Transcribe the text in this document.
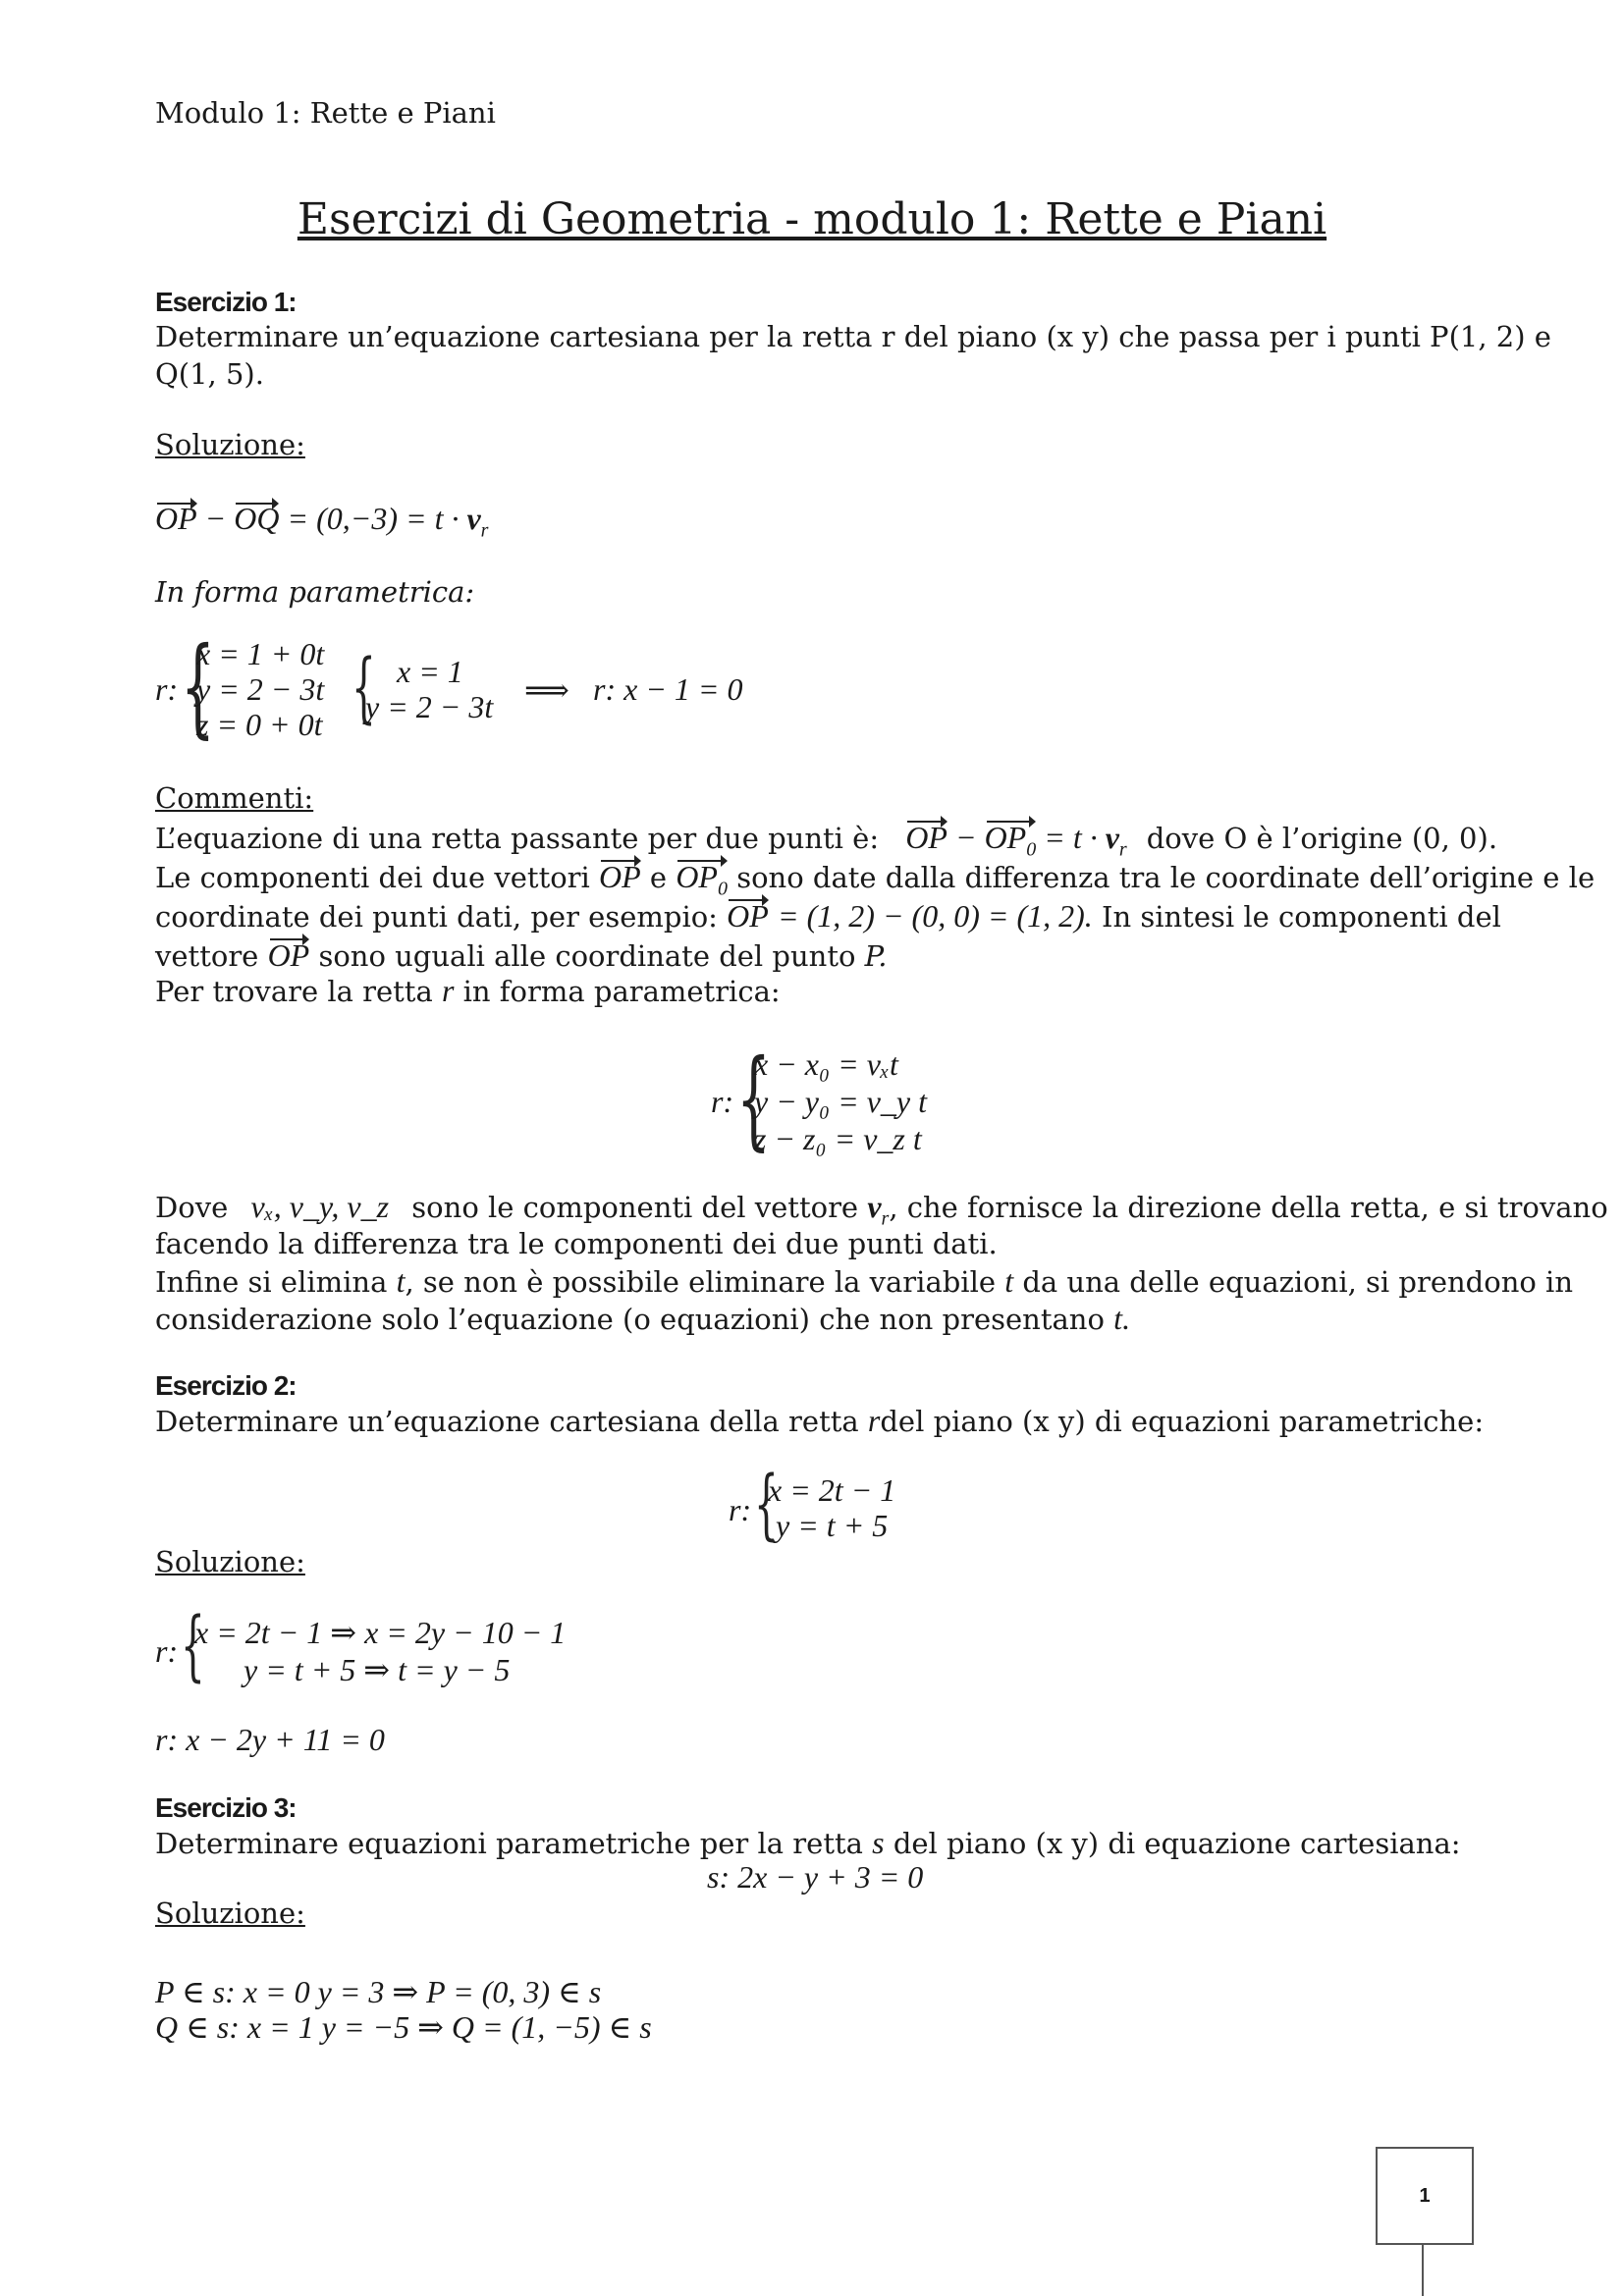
Modulo 1: Rette e Piani
Esercizi di Geometria - modulo 1: Rette e Piani
Esercizio 1:
Determinare un’equazione cartesiana per la retta r del piano (x y) che passa per i punti P(1, 2) e
Q(1, 5).
Soluzione:
OP − OQ = $(0,-3) = t \cdot v_r$
In forma parametrica:
r: {
x = 1 + 0t
y = 2 − 3t
z = 0 + 0t { x = 1
y = 2 − 3t ⟹ r: x − 1 = 0
Commenti:
L’equazione di una retta passante per due punti è: OP − $OP_0 = t \cdot v_r$ dove O è l’origine (0, 0).
Le componenti dei due vettori OP e $OP_0$ sono date dalla differenza tra le coordinate dell’origine e le
coordinate dei punti dati, per esempio: OP = (1, 2) − (0, 0) = (1, 2). In sintesi le componenti del
vettore OP sono uguali alle coordinate del punto P.
Per trovare la retta r in forma parametrica:
r: {
x − x₀ = vₓt
y − y₀ = v_y t
z − z₀ = v_z t
Dove vₓ, v_y, v_z sono le componenti del vettore $v_r$, che fornisce la direzione della retta, e si trovano
facendo la differenza tra le componenti dei due punti dati.
Infine si elimina t, se non è possibile eliminare la variabile t da una delle equazioni, si prendono in
considerazione solo l’equazione (o equazioni) che non presentano t.
Esercizio 2:
Determinare un’equazione cartesiana della retta rdel piano (x y) di equazioni parametriche:
r: {
x = 2t − 1
y = t + 5
Soluzione:
r: {
x = 2t − 1 ⇒ x = 2y − 10 − 1
y = t + 5 ⇒ t = y − 5
r: x − 2y + 11 = 0
Esercizio 3:
Determinare equazioni parametriche per la retta s del piano (x y) di equazione cartesiana:
s: 2x − y + 3 = 0
Soluzione:
P ∈ s: x = 0 y = 3 ⇒ P = (0, 3) ∈ s
Q ∈ s: x = 1 y = −5 ⇒ Q = (1, −5) ∈ s
1
